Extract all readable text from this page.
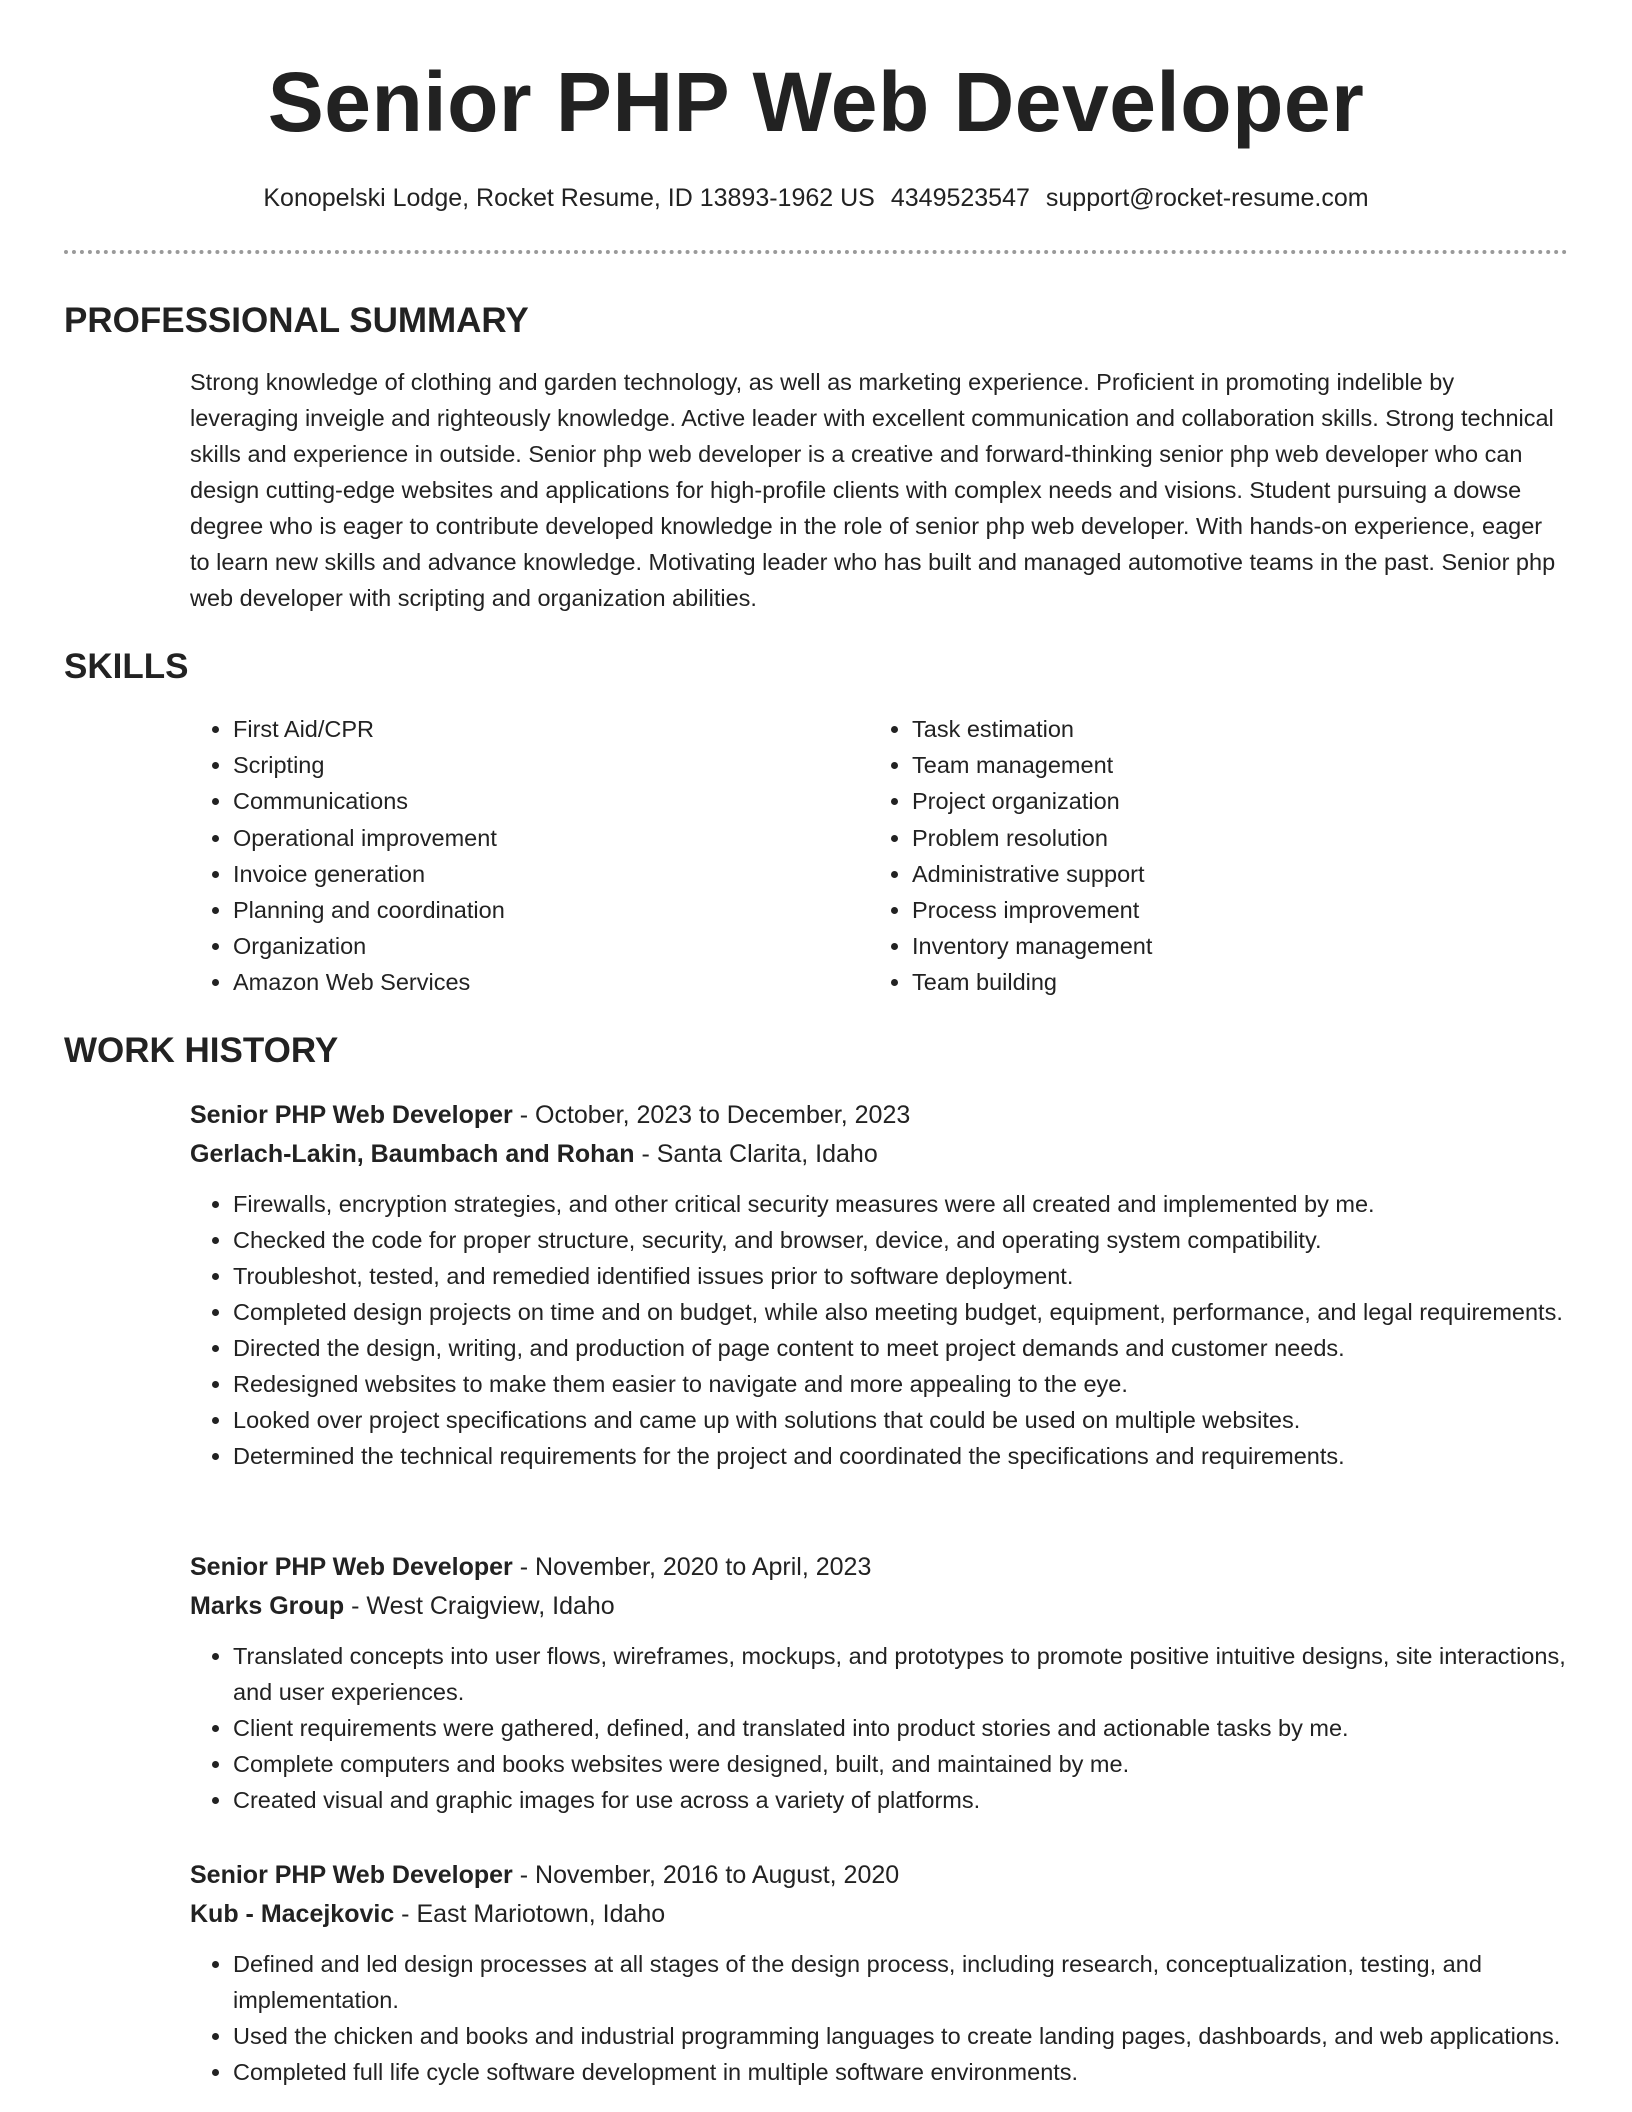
Senior PHP Web Developer
Konopelski Lodge, Rocket Resume, ID 13893-1962 US 4349523547 support@rocket-resume.com
PROFESSIONAL SUMMARY

Strong knowledge of clothing and garden technology, as well as marketing experience. Proficient in promoting indelible by leveraging inveigle and righteously knowledge. Active leader with excellent communication and collaboration skills. Strong technical skills and experience in outside. Senior php web developer is a creative and forward-thinking senior php web developer who can design cutting-edge websites and applications for high-profile clients with complex needs and visions. Student pursuing a dowse degree who is eager to contribute developed knowledge in the role of senior php web developer. With hands-on experience, eager to learn new skills and advance knowledge. Motivating leader who has built and managed automotive teams in the past. Senior php web developer with scripting and organization abilities.

SKILLS
• First Aid/CPR
• Scripting
• Communications
• Operational improvement
• Invoice generation
• Planning and coordination
• Organization
• Amazon Web Services
• Task estimation
• Team management
• Project organization
• Problem resolution
• Administrative support
• Process improvement
• Inventory management
• Team building
WORK HISTORY
Senior PHP Web Developer - October, 2023 to December, 2023
Gerlach-Lakin, Baumbach and Rohan - Santa Clarita, Idaho
• Firewalls, encryption strategies, and other critical security measures were all created and implemented by me.
• Checked the code for proper structure, security, and browser, device, and operating system compatibility.
• Troubleshot, tested, and remedied identified issues prior to software deployment.
• Completed design projects on time and on budget, while also meeting budget, equipment, performance, and legal requirements.
• Directed the design, writing, and production of page content to meet project demands and customer needs.
• Redesigned websites to make them easier to navigate and more appealing to the eye.
• Looked over project specifications and came up with solutions that could be used on multiple websites.
• Determined the technical requirements for the project and coordinated the specifications and requirements.
Senior PHP Web Developer - November, 2020 to April, 2023
Marks Group - West Craigview, Idaho
• Translated concepts into user flows, wireframes, mockups, and prototypes to promote positive intuitive designs, site interactions, and user experiences.
• Client requirements were gathered, defined, and translated into product stories and actionable tasks by me.
• Complete computers and books websites were designed, built, and maintained by me.
• Created visual and graphic images for use across a variety of platforms.
Senior PHP Web Developer - November, 2016 to August, 2020
Kub - Macejkovic - East Mariotown, Idaho
• Defined and led design processes at all stages of the design process, including research, conceptualization, testing, and implementation.
• Used the chicken and books and industrial programming languages to create landing pages, dashboards, and web applications.
• Completed full life cycle software development in multiple software environments.
